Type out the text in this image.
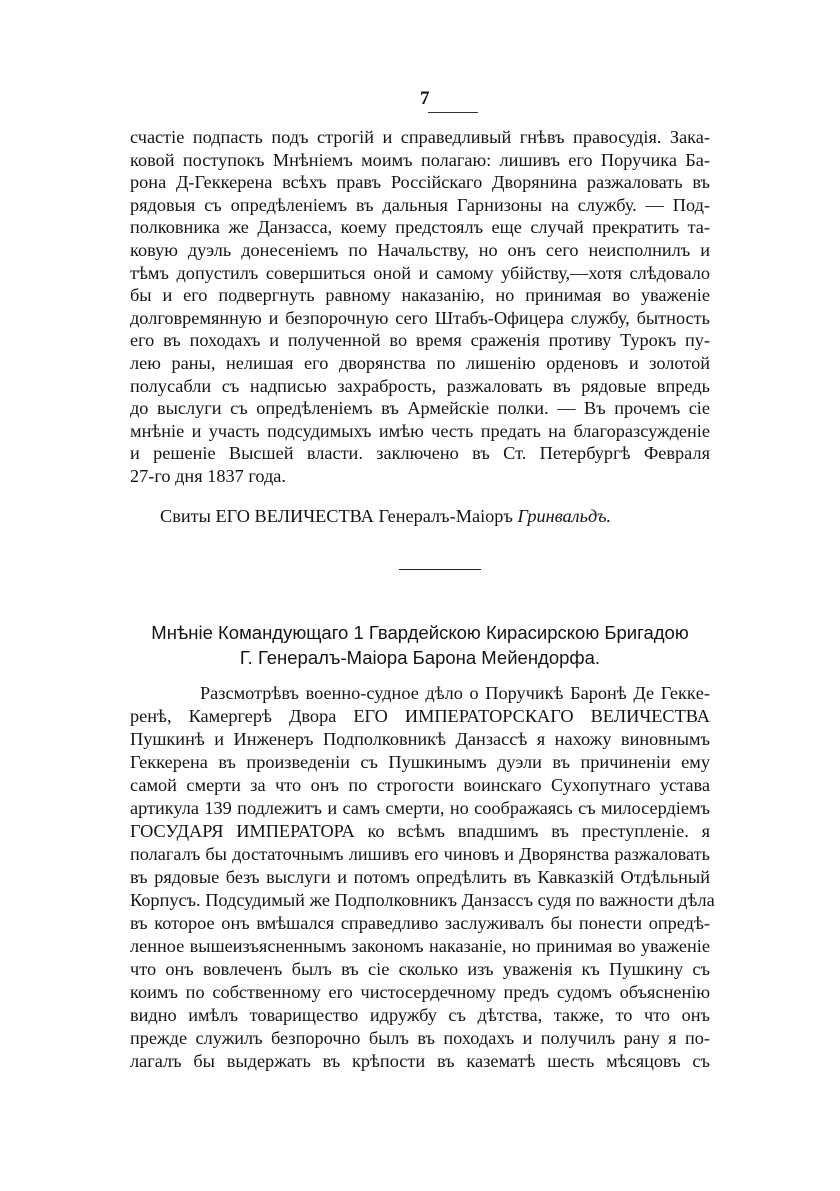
7
счастіе подпасть подъ строгій и справедливый гнѣвъ правосудія. Зака-
ковой поступокъ Мнѣніемъ моимъ полагаю: лишивъ его Поручика Ба-
рона Д-Геккерена всѣхъ правъ Россійскаго Дворянина разжаловать въ
рядовыя съ опредѣленіемъ въ дальныя Гарнизоны на службу. — Под-
полковника же Данзасса, коему предстоялъ еще случай прекратить та-
ковую дуэль донесеніемъ по Начальству, но онъ сего неисполнилъ и
тѣмъ допустилъ совершиться оной и самому убійству,—хотя слѣдовало
бы и его подвергнуть равному наказанію, но принимая во уваженіе
долговремянную и безпорочную сего Штабъ-Офицера службу, бытность
его въ походахъ и полученной во время сраженія противу Турокъ пу-
лею раны, нелишая его дворянства по лишенію орденовъ и золотой
полусабли съ надписью захрабрость, разжаловать въ рядовые впредь
до выслуги съ опредѣленіемъ въ Армейскіе полки. — Въ прочемъ сіе
мнѣніе и участь подсудимыхъ имѣю честь предать на благоразсужденіе
и решеніе Высшей власти. заключено въ Ст. Петербургѣ Февраля
27-го дня 1837 года.
Свиты ЕГО ВЕЛИЧЕСТВА Генералъ-Маіоръ Гринвальдъ.
Мнѣніе Командующаго 1 Гвардейскою Кирасирскою Бригадою
Г. Генералъ-Маіора Барона Мейендорфа.
Разсмотрѣвъ военно-судное дѣло о Поручикѣ Баронѣ Де Геккe-
ренѣ, Камергерѣ Двора ЕГО ИМПЕРАТОРСКАГО ВЕЛИЧЕСТВА
Пушкинѣ и Инженеръ Подполковникѣ Данзассѣ я нахожу виновнымъ
Геккерена въ произведеніи съ Пушкинымъ дуэли въ причиненіи ему
самой смерти за что онъ по строгости воинскаго Сухопутнаго устава
артикула 139 подлежитъ и самъ смерти, но соображаясь съ милосердіемъ
ГОСУДАРЯ ИМПЕРАТОРА ко всѣмъ впадшимъ въ преступленіе. я
полагалъ бы достаточнымъ лишивъ его чиновъ и Дворянства разжаловать
въ рядовые безъ выслуги и потомъ опредѣлить въ Кавказкій Отдѣльный
Корпусъ. Подсудимый же Подполковникъ Данзассъ судя по важности дѣла
въ которое онъ вмѣшался справедливо заслуживалъ бы понести опредѣ-
ленное вышеизъясненнымъ закономъ наказаніе, но принимая во уваженіе
что онъ вовлеченъ былъ въ сіе сколько изъ уваженія къ Пушкину съ
коимъ по собственному его чистосердечному предъ судомъ объясненію
видно имѣлъ товарищество идружбу съ дѣтства, также, то что онъ
прежде служилъ безпорочно былъ въ походахъ и получилъ рану я по-
лагалъ бы выдержать въ крѣпости въ казематѣ шесть мѣсяцовъ съ
